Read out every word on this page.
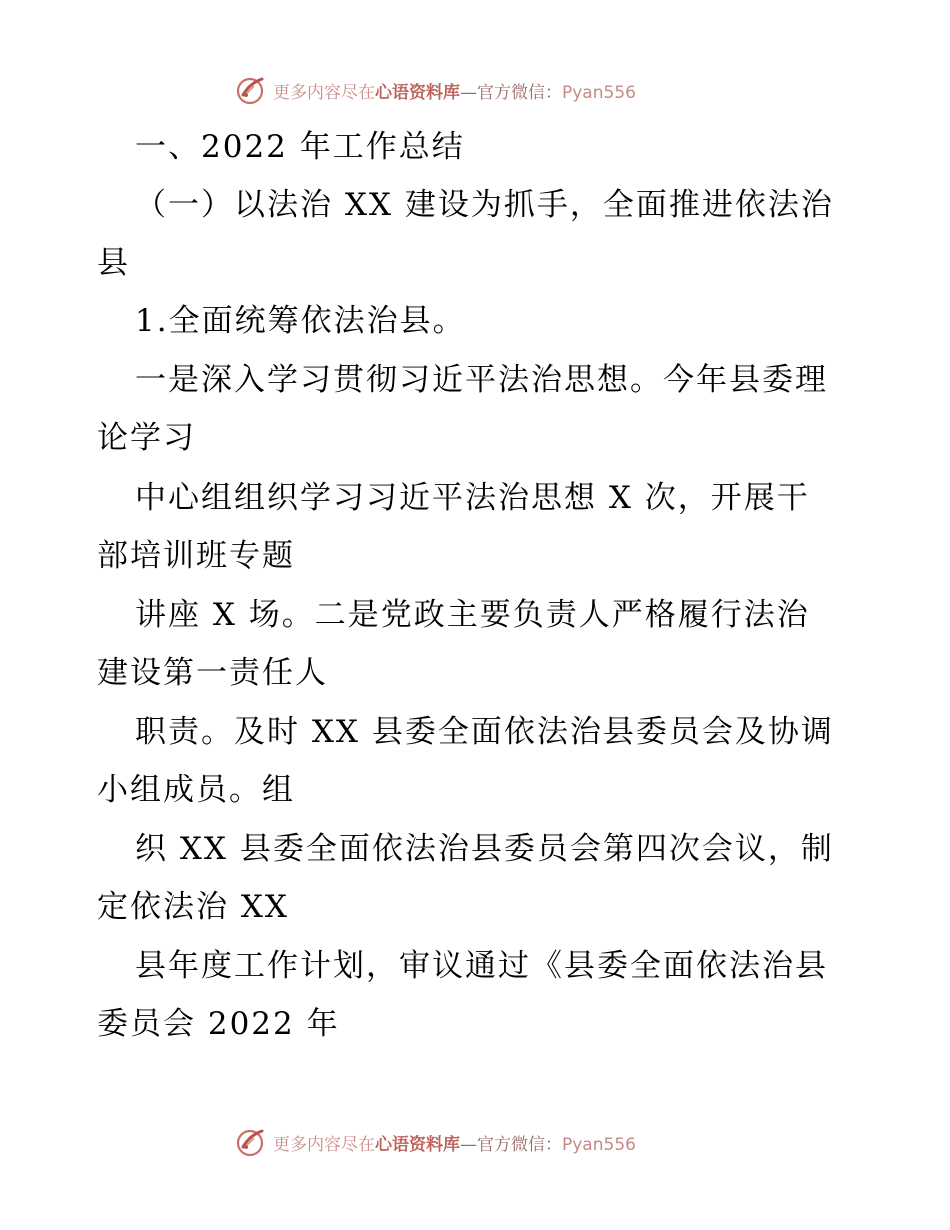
更多内容尽在心语资料库—官方微信：Pyan556
一、2022 年工作总结
（一）以法治 XX 建设为抓手，全面推进依法治
县
1.全面统筹依法治县。
一是深入学习贯彻习近平法治思想。今年县委理
论学习
中心组组织学习习近平法治思想 X 次，开展干
部培训班专题
讲座 X 场。二是党政主要负责人严格履行法治
建设第一责任人
职责。及时 XX 县委全面依法治县委员会及协调
小组成员。组
织 XX 县委全面依法治县委员会第四次会议，制
定依法治 XX
县年度工作计划，审议通过《县委全面依法治县
委员会 2022 年
更多内容尽在心语资料库—官方微信：Pyan556
